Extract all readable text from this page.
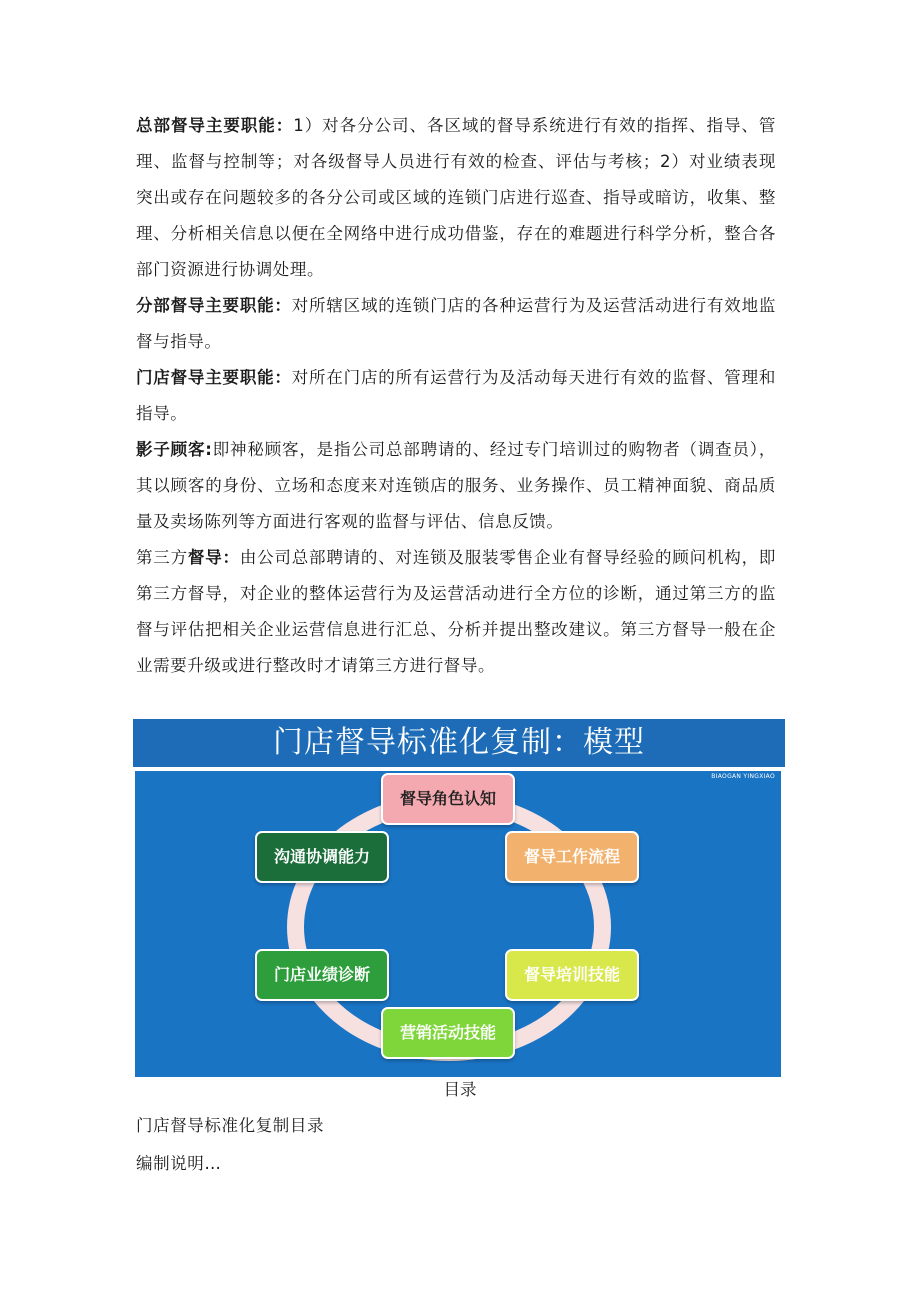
总部督导主要职能：1）对各分公司、各区域的督导系统进行有效的指挥、指导、管理、监督与控制等；对各级督导人员进行有效的检查、评估与考核；2）对业绩表现突出或存在问题较多的各分公司或区域的连锁门店进行巡查、指导或暗访，收集、整理、分析相关信息以便在全网络中进行成功借鉴，存在的难题进行科学分析，整合各部门资源进行协调处理。

分部督导主要职能：对所辖区域的连锁门店的各种运营行为及运营活动进行有效地监督与指导。

门店督导主要职能：对所在门店的所有运营行为及活动每天进行有效的监督、管理和指导。

影子顾客:即神秘顾客，是指公司总部聘请的、经过专门培训过的购物者（调查员），其以顾客的身份、立场和态度来对连锁店的服务、业务操作、员工精神面貌、商品质量及卖场陈列等方面进行客观的监督与评估、信息反馈。

第三方督导：由公司总部聘请的、对连锁及服装零售企业有督导经验的顾问机构，即第三方督导，对企业的整体运营行为及运营活动进行全方位的诊断，通过第三方的监督与评估把相关企业运营信息进行汇总、分析并提出整改建议。第三方督导一般在企业需要升级或进行整改时才请第三方进行督导。

门店督导标准化复制：模型
BIAOGAN YINGXIAO
督导角色认知
督导工作流程
督导培训技能
营销活动技能
门店业绩诊断
沟通协调能力
目录
门店督导标准化复制目录
编制说明…
